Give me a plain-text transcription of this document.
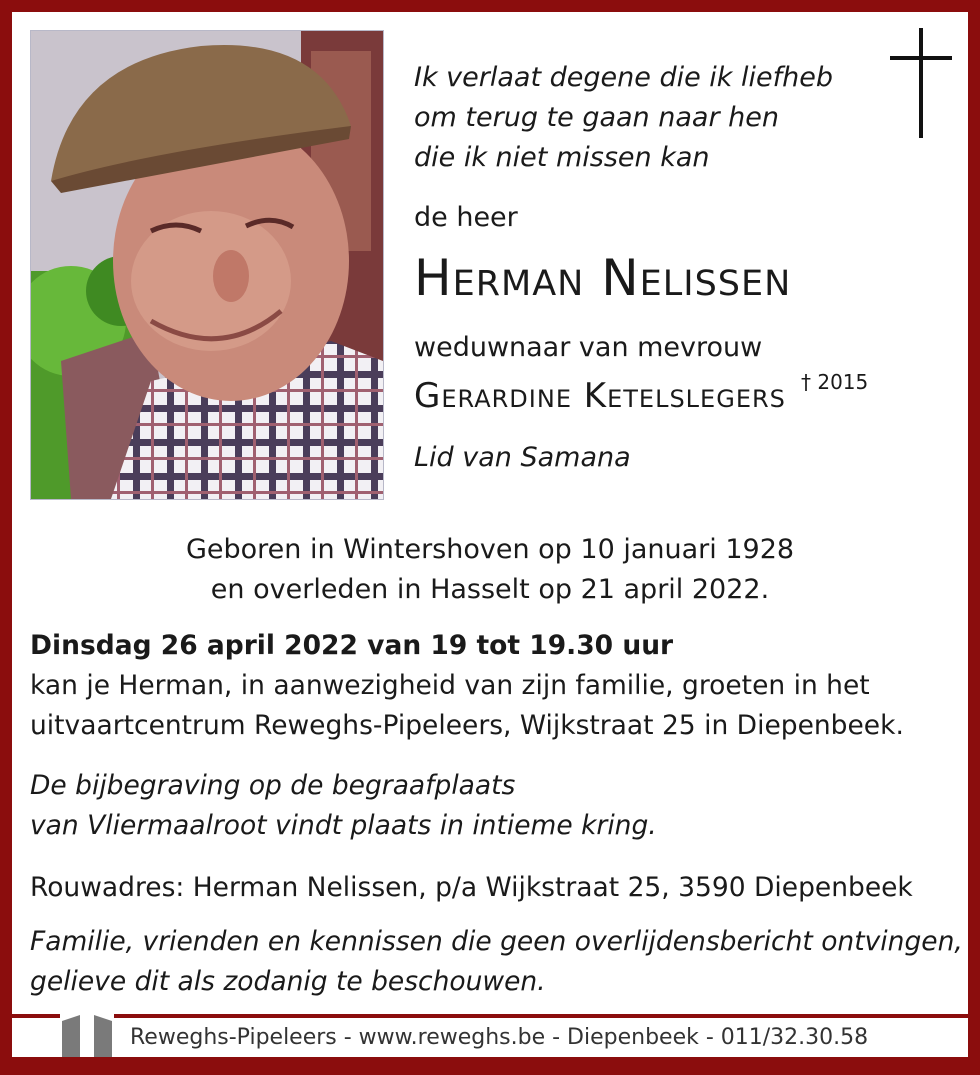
Ik verlaat degene die ik liefheb
om terug te gaan naar hen
die ik niet missen kan
de heer
Herman Nelissen
weduwnaar van mevrouw
Gerardine Ketelslegers † 2015
Lid van Samana
Geboren in Wintershoven op 10 januari 1928
en overleden in Hasselt op 21 april 2022.
Dinsdag 26 april 2022 van 19 tot 19.30 uur
kan je Herman, in aanwezigheid van zijn familie, groeten in het
uitvaartcentrum Reweghs-Pipeleers, Wijkstraat 25 in Diepenbeek.
De bijbegraving op de begraafplaats
van Vliermaalroot vindt plaats in intieme kring.
Rouwadres: Herman Nelissen, p/a Wijkstraat 25, 3590 Diepenbeek
Familie, vrienden en kennissen die geen overlijdensbericht ontvingen,
gelieve dit als zodanig te beschouwen.
Reweghs-Pipeleers - www.reweghs.be - Diepenbeek - 011/32.30.58
